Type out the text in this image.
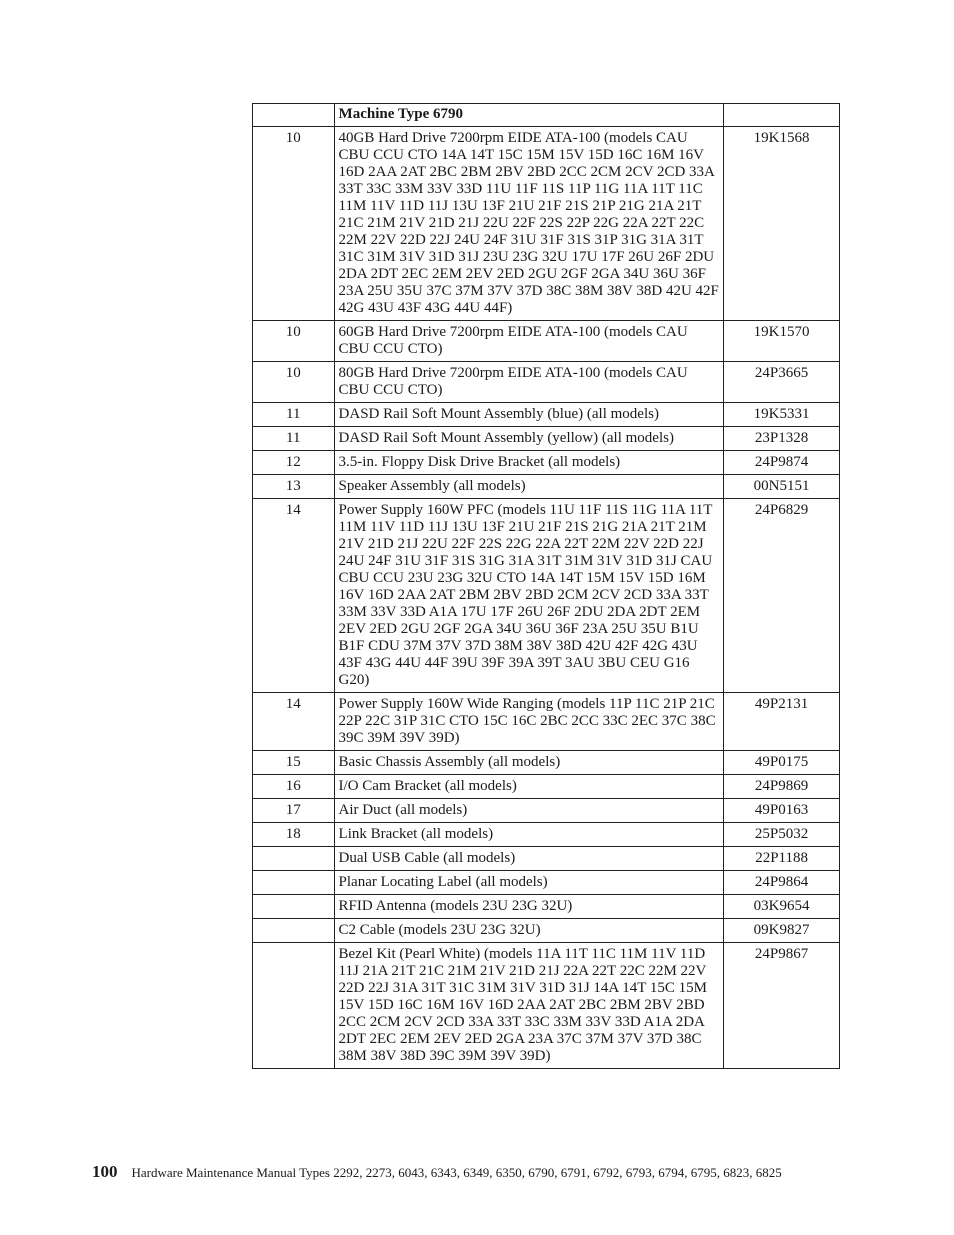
	Machine Type 6790	
10	40GB Hard Drive 7200rpm EIDE ATA-100 (models CAU CBU CCU CTO 14A 14T 15C 15M 15V 15D 16C 16M 16V 16D 2AA 2AT 2BC 2BM 2BV 2BD 2CC 2CM 2CV 2CD 33A 33T 33C 33M 33V 33D 11U 11F 11S 11P 11G 11A 11T 11C 11M 11V 11D 11J 13U 13F 21U 21F 21S 21P 21G 21A 21T 21C 21M 21V 21D 21J 22U 22F 22S 22P 22G 22A 22T 22C 22M 22V 22D 22J 24U 24F 31U 31F 31S 31P 31G 31A 31T 31C 31M 31V 31D 31J 23U 23G 32U 17U 17F 26U 26F 2DU 2DA 2DT 2EC 2EM 2EV 2ED 2GU 2GF 2GA 34U 36U 36F 23A 25U 35U 37C 37M 37V 37D 38C 38M 38V 38D 42U 42F 42G 43U 43F 43G 44U 44F)	19K1568
10	60GB Hard Drive 7200rpm EIDE ATA-100 (models CAU CBU CCU CTO)	19K1570
10	80GB Hard Drive 7200rpm EIDE ATA-100 (models CAU CBU CCU CTO)	24P3665
11	DASD Rail Soft Mount Assembly (blue) (all models)	19K5331
11	DASD Rail Soft Mount Assembly (yellow) (all models)	23P1328
12	3.5-in. Floppy Disk Drive Bracket (all models)	24P9874
13	Speaker Assembly (all models)	00N5151
14	Power Supply 160W PFC (models 11U 11F 11S 11G 11A 11T 11M 11V 11D 11J 13U 13F 21U 21F 21S 21G 21A 21T 21M 21V 21D 21J 22U 22F 22S 22G 22A 22T 22M 22V 22D 22J 24U 24F 31U 31F 31S 31G 31A 31T 31M 31V 31D 31J CAU CBU CCU 23U 23G 32U CTO 14A 14T 15M 15V 15D 16M 16V 16D 2AA 2AT 2BM 2BV 2BD 2CM 2CV 2CD 33A 33T 33M 33V 33D A1A 17U 17F 26U 26F 2DU 2DA 2DT 2EM 2EV 2ED 2GU 2GF 2GA 34U 36U 36F 23A 25U 35U B1U B1F CDU 37M 37V 37D 38M 38V 38D 42U 42F 42G 43U 43F 43G 44U 44F 39U 39F 39A 39T 3AU 3BU CEU G16 G20)	24P6829
14	Power Supply 160W Wide Ranging (models 11P 11C 21P 21C 22P 22C 31P 31C CTO 15C 16C 2BC 2CC 33C 2EC 37C 38C 39C 39M 39V 39D)	49P2131
15	Basic Chassis Assembly (all models)	49P0175
16	I/O Cam Bracket (all models)	24P9869
17	Air Duct (all models)	49P0163
18	Link Bracket (all models)	25P5032
	Dual USB Cable (all models)	22P1188
	Planar Locating Label (all models)	24P9864
	RFID Antenna (models 23U 23G 32U)	03K9654
	C2 Cable (models 23U 23G 32U)	09K9827
	Bezel Kit (Pearl White) (models 11A 11T 11C 11M 11V 11D 11J 21A 21T 21C 21M 21V 21D 21J 22A 22T 22C 22M 22V 22D 22J 31A 31T 31C 31M 31V 31D 31J 14A 14T 15C 15M 15V 15D 16C 16M 16V 16D 2AA 2AT 2BC 2BM 2BV 2BD 2CC 2CM 2CV 2CD 33A 33T 33C 33M 33V 33D A1A 2DA 2DT 2EC 2EM 2EV 2ED 2GA 23A 37C 37M 37V 37D 38C 38M 38V 38D 39C 39M 39V 39D)	24P9867
100 Hardware Maintenance Manual Types 2292, 2273, 6043, 6343, 6349, 6350, 6790, 6791, 6792, 6793, 6794, 6795, 6823, 6825
